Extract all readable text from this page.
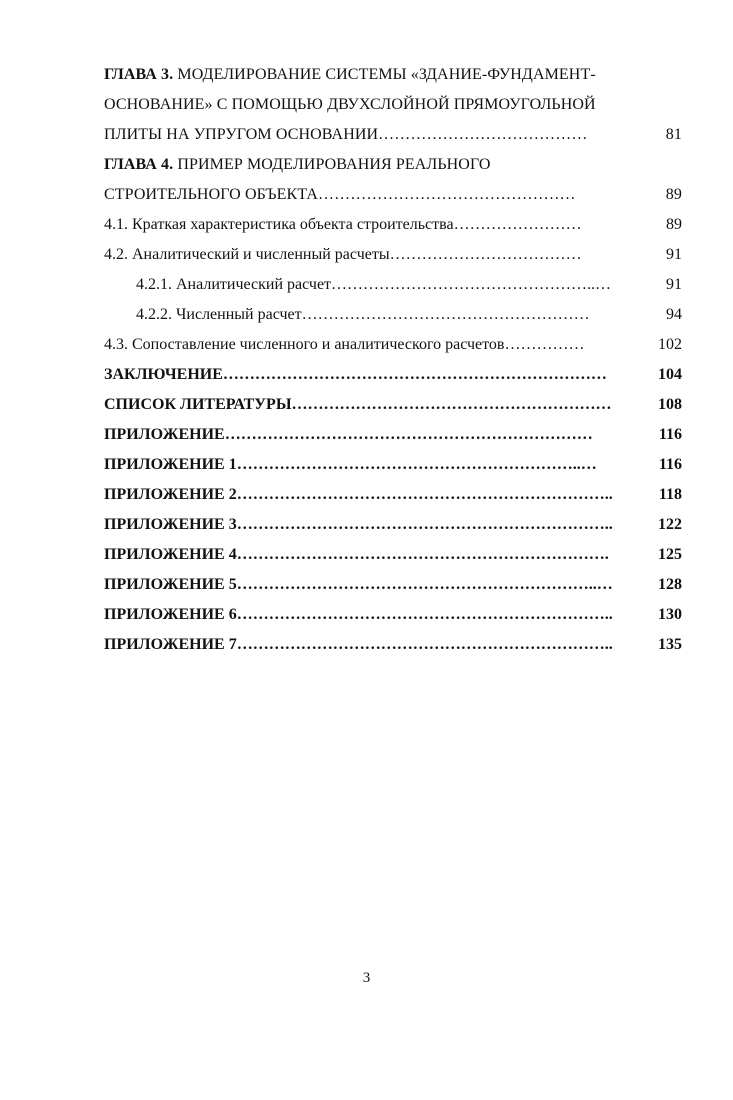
ГЛАВА 3. МОДЕЛИРОВАНИЕ СИСТЕМЫ «ЗДАНИЕ-ФУНДАМЕНТ-
ОСНОВАНИЕ» С ПОМОЩЬЮ ДВУХСЛОЙНОЙ ПРЯМОУГОЛЬНОЙ
ПЛИТЫ НА УПРУГОМ ОСНОВАНИИ…………………………………	81
ГЛАВА 4. ПРИМЕР МОДЕЛИРОВАНИЯ РЕАЛЬНОГО
СТРОИТЕЛЬНОГО ОБЪЕКТА…………………………………………	89
4.1. Краткая характеристика объекта строительства……………………	89
4.2. Аналитический и численный расчеты………………………………	91
4.2.1. Аналитический расчет…………………………………………..…	91
4.2.2. Численный расчет………………………………………………	94
4.3. Сопоставление численного и аналитического расчетов……………	102
ЗАКЛЮЧЕНИЕ………………………………………………………………	104
СПИСОК ЛИТЕРАТУРЫ……………………………………………………	108
ПРИЛОЖЕНИЕ……………………………………………………………	116
ПРИЛОЖЕНИЕ 1………………………………………………………..…	116
ПРИЛОЖЕНИЕ 2……………………………………………………………..	118
ПРИЛОЖЕНИЕ 3……………………………………………………………..	122
ПРИЛОЖЕНИЕ 4…………………………………………………………….	125
ПРИЛОЖЕНИЕ 5…………………………………………………………..…	128
ПРИЛОЖЕНИЕ 6……………………………………………………………..	130
ПРИЛОЖЕНИЕ 7……………………………………………………………..	135
3
